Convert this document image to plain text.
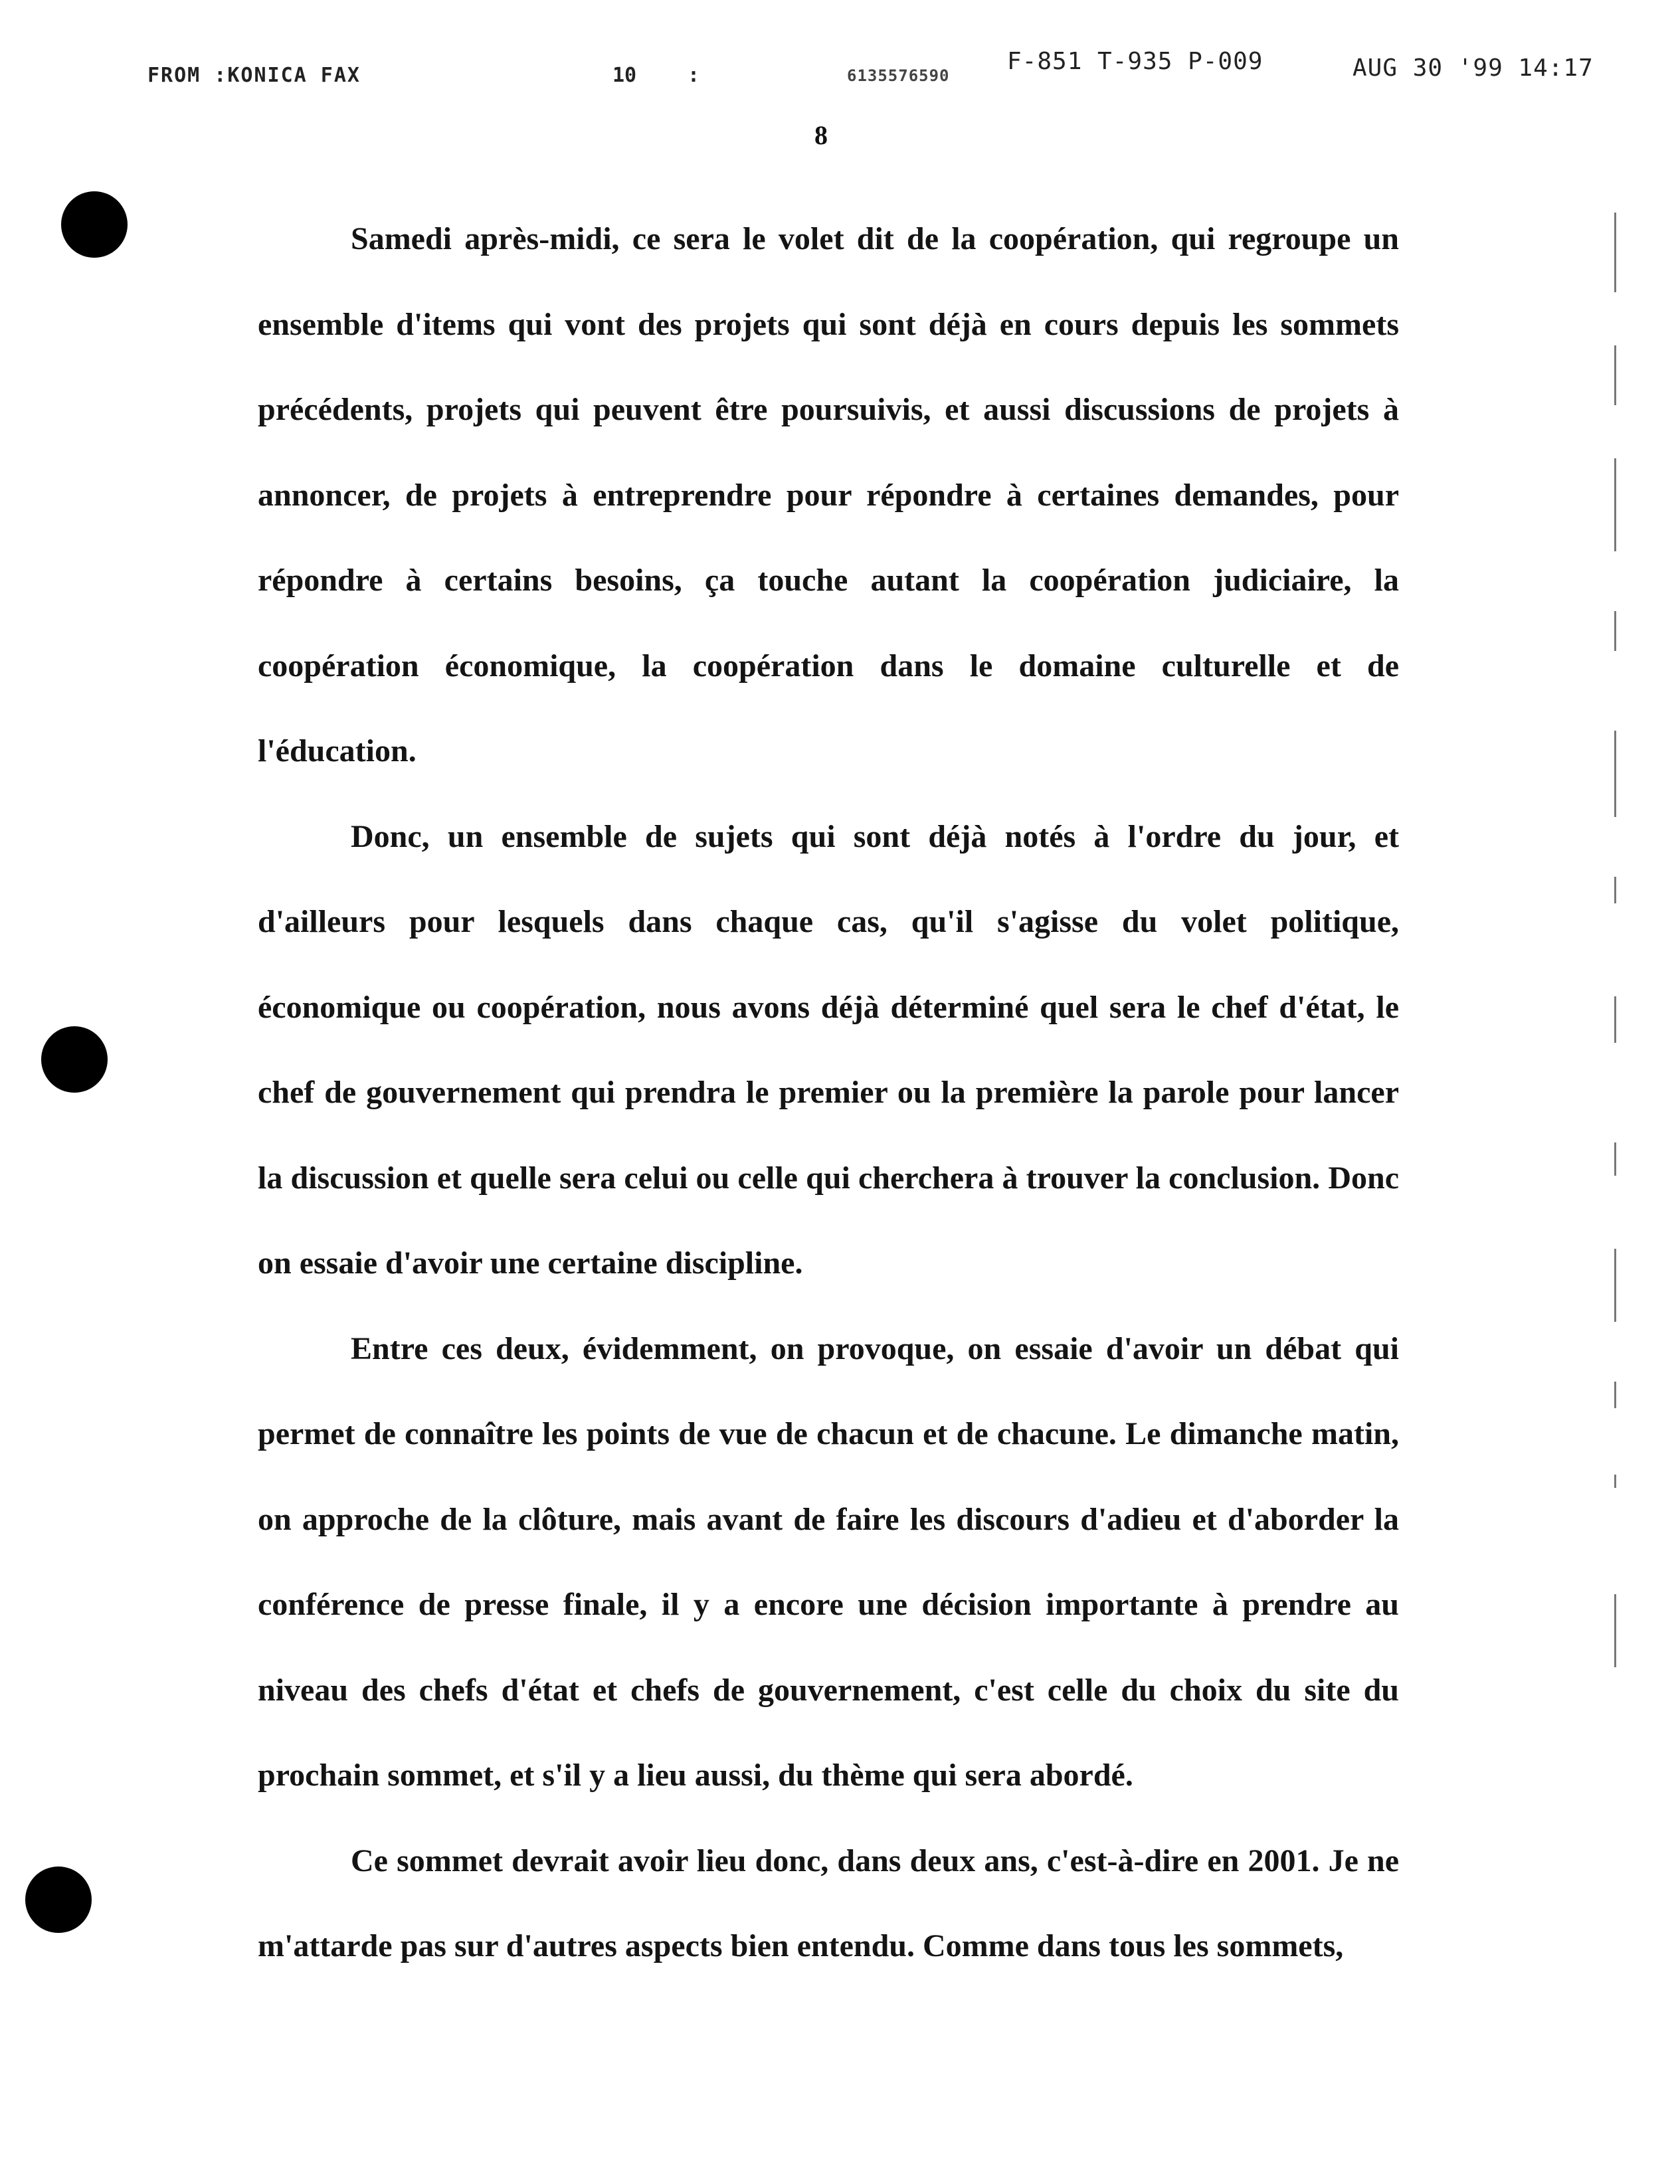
FROM :KONICA FAX	10	:	6135576590
F-851 T-935 P-009	AUG 30 '99 14:17
8

Samedi après-midi, ce sera le volet dit de la coopération, qui regroupe un ensemble d'items qui vont des projets qui sont déjà en cours depuis les sommets précédents, projets qui peuvent être poursuivis, et aussi discussions de projets à annoncer, de projets à entreprendre pour répondre à certaines demandes, pour répondre à certains besoins, ça touche autant la coopération judiciaire, la coopération économique, la coopération dans le domaine culturelle et de l'éducation.

Donc, un ensemble de sujets qui sont déjà notés à l'ordre du jour, et d'ailleurs pour lesquels dans chaque cas, qu'il s'agisse du volet politique, économique ou coopération, nous avons déjà déterminé quel sera le chef d'état, le chef de gouvernement qui prendra le premier ou la première la parole pour lancer la discussion et quelle sera celui ou celle qui cherchera à trouver la conclusion. Donc on essaie d'avoir une certaine discipline.

Entre ces deux, évidemment, on provoque, on essaie d'avoir un débat qui permet de connaître les points de vue de chacun et de chacune. Le dimanche matin, on approche de la clôture, mais avant de faire les discours d'adieu et d'aborder la conférence de presse finale, il y a encore une décision importante à prendre au niveau des chefs d'état et chefs de gouvernement, c'est celle du choix du site du prochain sommet, et s'il y a lieu aussi, du thème qui sera abordé.

Ce sommet devrait avoir lieu donc, dans deux ans, c'est-à-dire en 2001. Je ne m'attarde pas sur d'autres aspects bien entendu. Comme dans tous les sommets,
